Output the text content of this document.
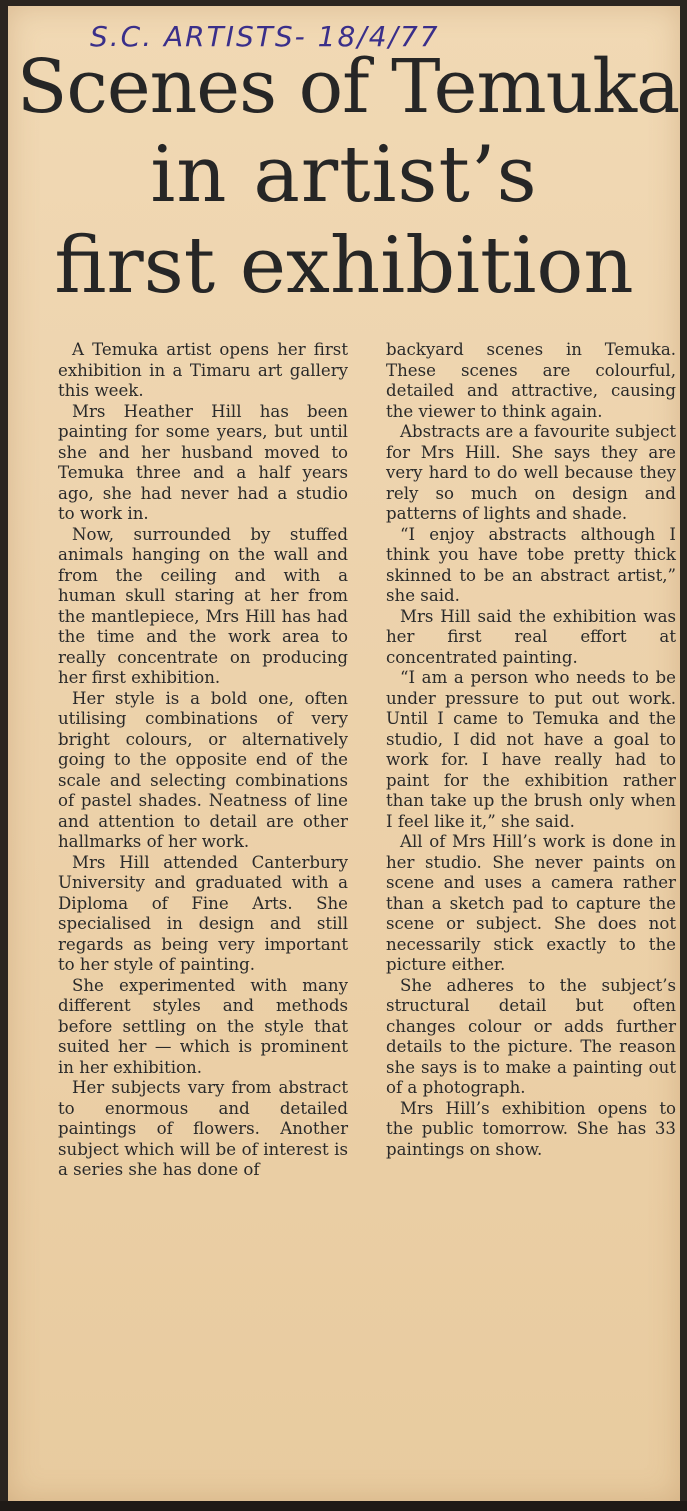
S.C. ARTISTS- 18/4/77
Scenes of Temuka
in artist’s
first exhibition

A Temuka artist opens her first exhibition in a Timaru art gallery this week.

Mrs Heather Hill has been painting for some years, but until she and her husband moved to Temuka three and a half years ago, she had never had a studio to work in.

Now, surrounded by stuffed animals hanging on the wall and from the ceiling and with a human skull staring at her from the mantlepiece, Mrs Hill has had the time and the work area to really concentrate on producing her first exhibition.

Her style is a bold one, often utilising combinations of very bright colours, or alternatively going to the opposite end of the scale and selecting combinations of pastel shades. Neatness of line and attention to detail are other hallmarks of her work.

Mrs Hill attended Canterbury University and graduated with a Diploma of Fine Arts. She specialised in design and still regards as being very important to her style of painting.

She experimented with many different styles and methods before settling on the style that suited her — which is prominent in her exhibition.

Her subjects vary from abstract to enormous and detailed paintings of flowers. Another subject which will be of interest is a series she has done of

backyard scenes in Temuka. These scenes are colourful, detailed and attractive, causing the viewer to think again.

Abstracts are a favourite subject for Mrs Hill. She says they are very hard to do well because they rely so much on design and patterns of lights and shade.

“I enjoy abstracts although I think you have tobe pretty thick skinned to be an abstract artist,” she said.

Mrs Hill said the exhibition was her first real effort at concentrated painting.

“I am a person who needs to be under pressure to put out work. Until I came to Temuka and the studio, I did not have a goal to work for. I have really had to paint for the exhibition rather than take up the brush only when I feel like it,” she said.

All of Mrs Hill’s work is done in her studio. She never paints on scene and uses a camera rather than a sketch pad to capture the scene or subject. She does not necessarily stick exactly to the picture either.

She adheres to the subject’s structural detail but often changes colour or adds further details to the picture. The reason she says is to make a painting out of a photograph.

Mrs Hill’s exhibition opens to the public tomorrow. She has 33 paintings on show.
